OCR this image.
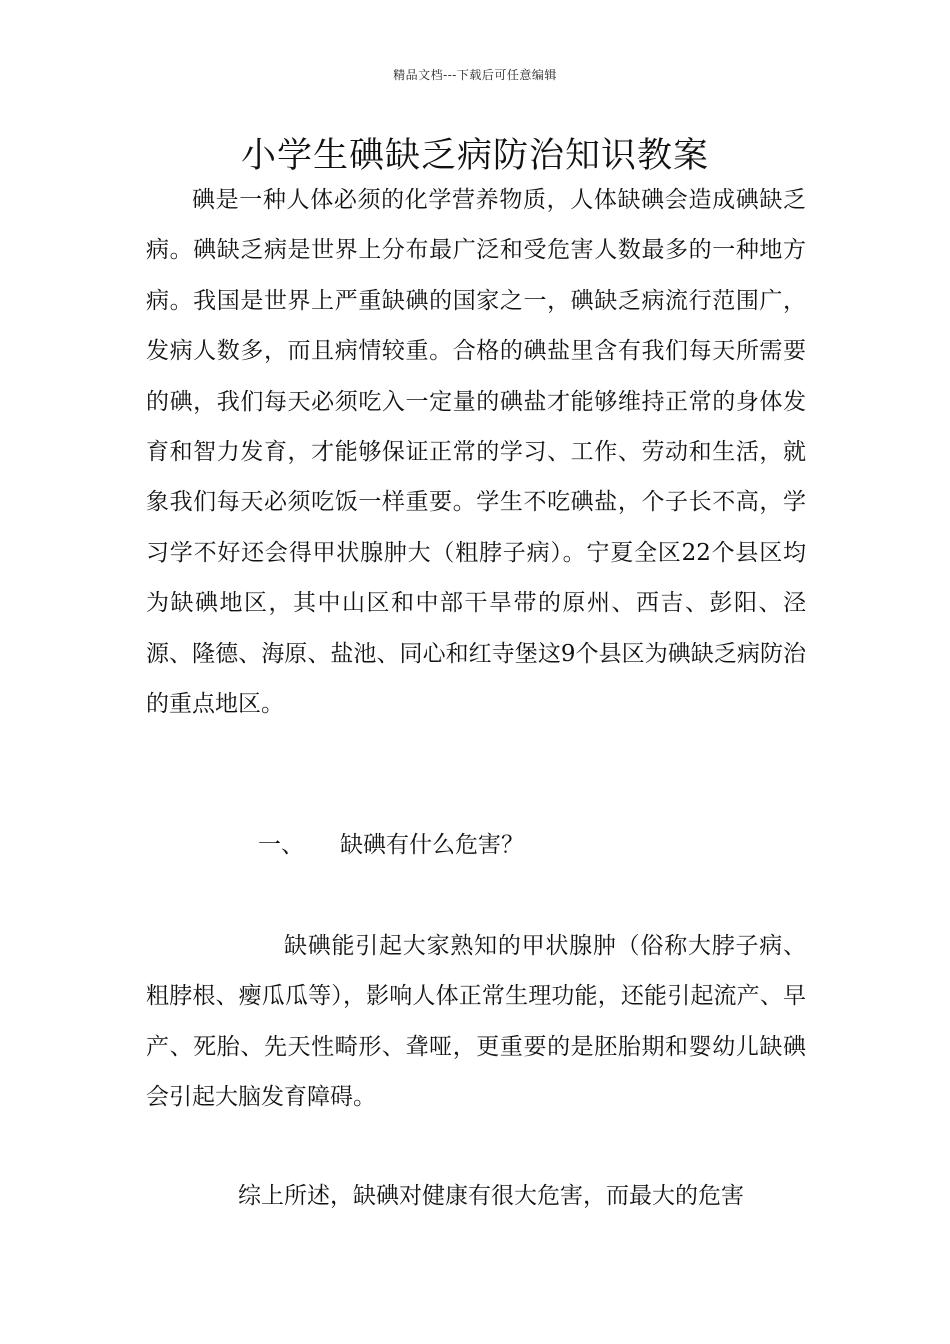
精品文档---下载后可任意编辑
小学生碘缺乏病防治知识教案

碘是一种人体必须的化学营养物质，人体缺碘会造成碘缺乏病。碘缺乏病是世界上分布最广泛和受危害人数最多的一种地方病。我国是世界上严重缺碘的国家之一，碘缺乏病流行范围广，发病人数多，而且病情较重。合格的碘盐里含有我们每天所需要的碘，我们每天必须吃入一定量的碘盐才能够维持正常的身体发育和智力发育，才能够保证正常的学习、工作、劳动和生活，就象我们每天必须吃饭一样重要。学生不吃碘盐，个子长不高，学习学不好还会得甲状腺肿大（粗脖子病）。宁夏全区22个县区均为缺碘地区，其中山区和中部干旱带的原州、西吉、彭阳、泾源、隆德、海原、盐池、同心和红寺堡这9个县区为碘缺乏病防治的重点地区。

一、 缺碘有什么危害？

缺碘能引起大家熟知的甲状腺肿（俗称大脖子病、粗脖根、瘿瓜瓜等），影响人体正常生理功能，还能引起流产、早产、死胎、先天性畸形、聋哑，更重要的是胚胎期和婴幼儿缺碘会引起大脑发育障碍。

综上所述，缺碘对健康有很大危害，而最大的危害
